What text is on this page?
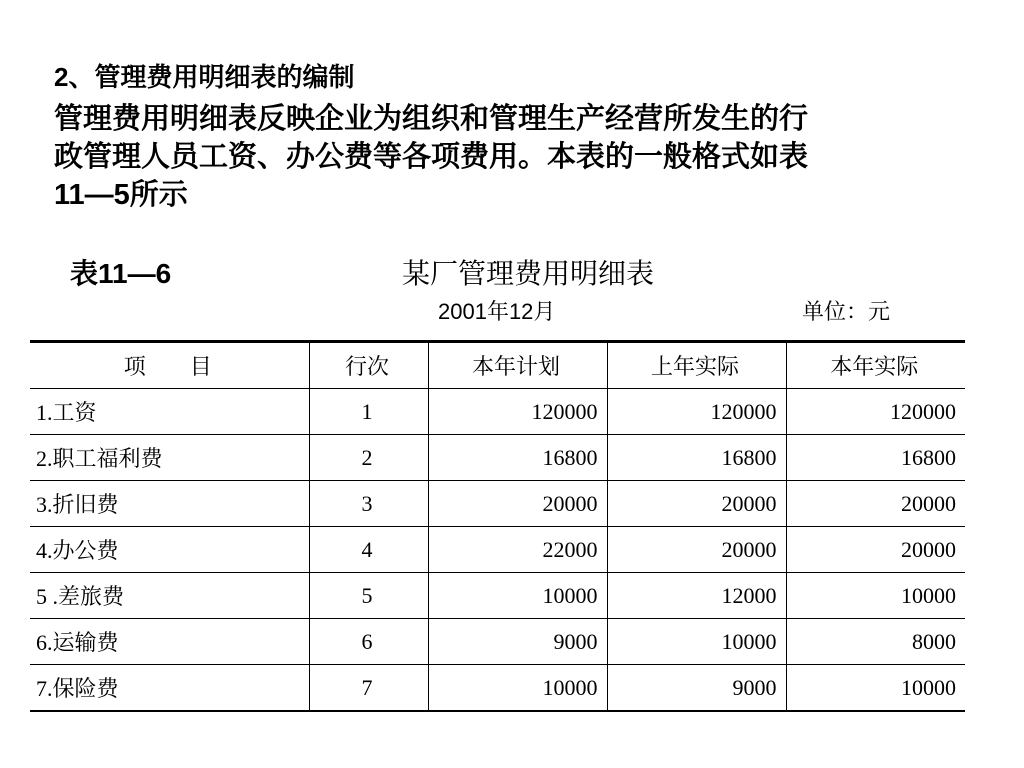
2、管理费用明细表的编制

管理费用明细表反映企业为组织和管理生产经营所发生的行
政管理人员工资、办公费等各项费用。本表的一般格式如表
11—5所示

表11—6	某厂管理费用明细表
2001年12月	单位：元
项 目	行次	本年计划	上年实际	本年实际
1.工资	1	120000	120000	120000
2.职工福利费	2	16800	16800	16800
3.折旧费	3	20000	20000	20000
4.办公费	4	22000	20000	20000
5 .差旅费	5	10000	12000	10000
6.运输费	6	9000	10000	8000
7.保险费	7	10000	9000	10000
